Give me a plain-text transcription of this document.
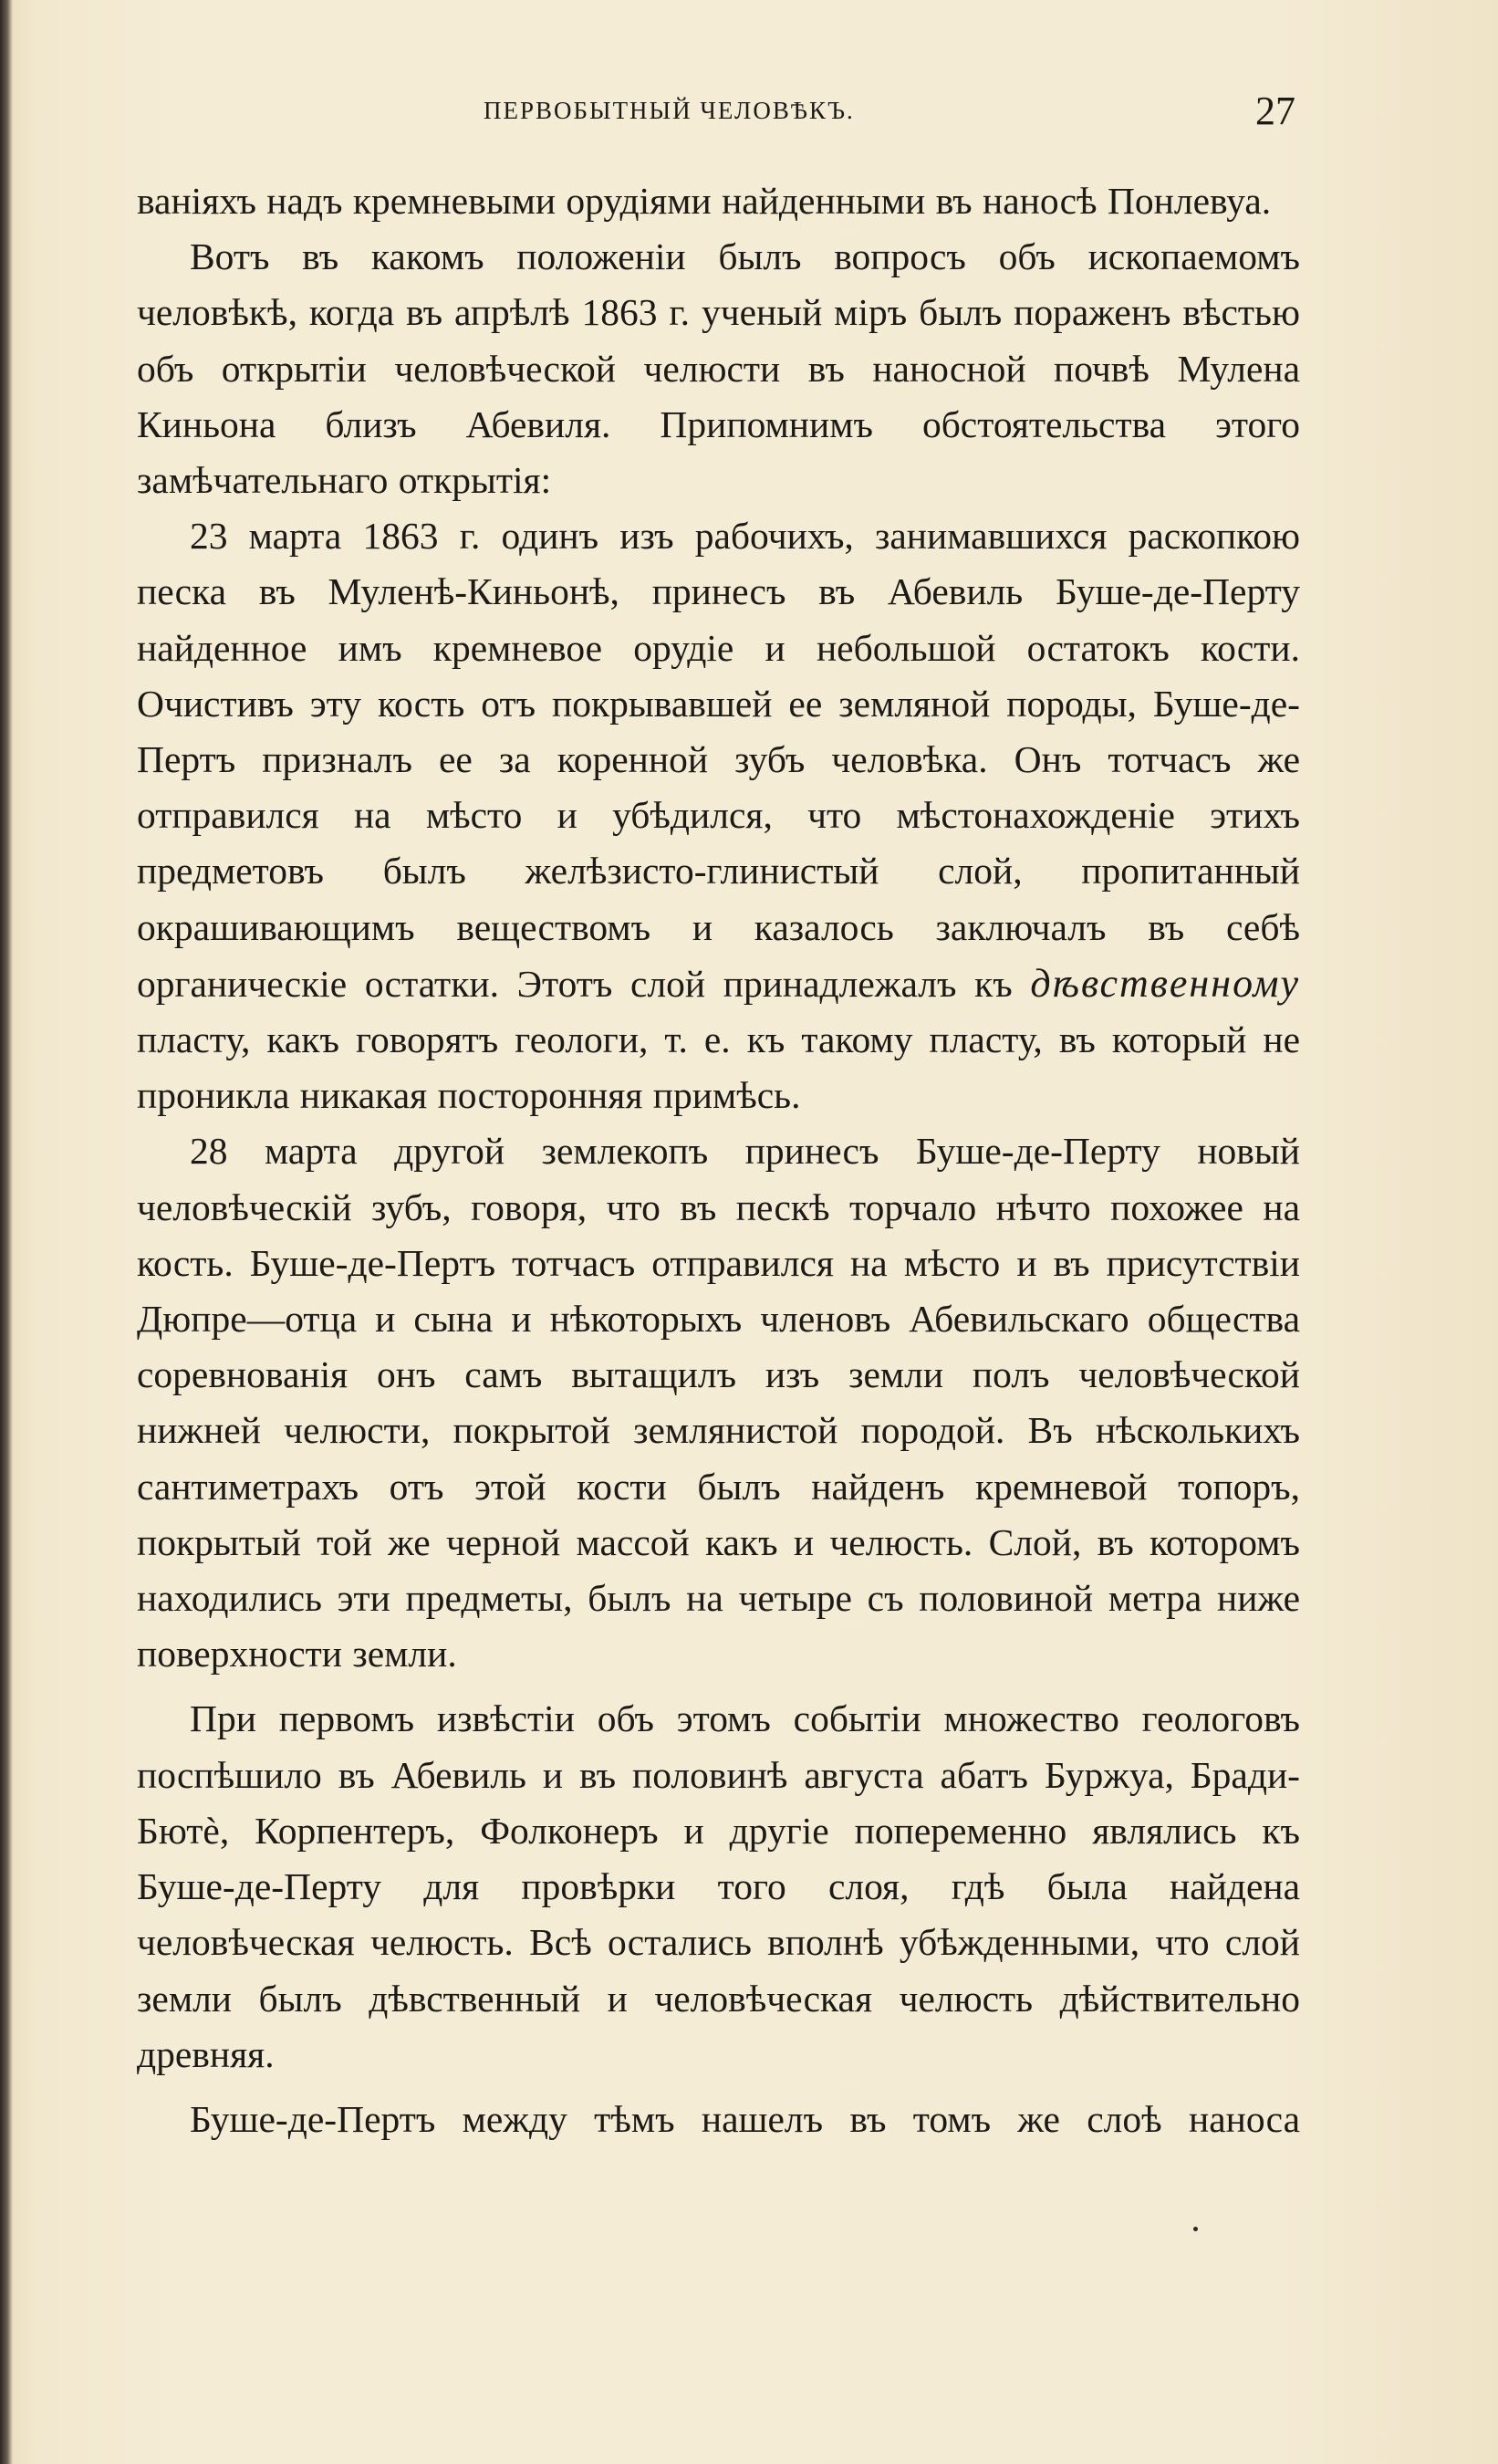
ПЕРВОБЫТНЫЙ ЧЕЛОВѢКЪ.	27

ваніяхъ надъ кремневыми орудіями найденными въ наносѣ Понлевуа.

Вотъ въ какомъ положеніи былъ вопросъ объ ископаемомъ человѣкѣ, когда въ апрѣлѣ 1863 г. ученый міръ былъ пораженъ вѣстью объ открытіи человѣческой челюсти въ наносной почвѣ Мулена Киньона близъ Абевиля. Припомнимъ обстоятельства этого замѣчательнаго открытія:

23 марта 1863 г. одинъ изъ рабочихъ, занимавшихся раскопкою песка въ Муленѣ-Киньонѣ, принесъ въ Абевиль Буше-де-Перту найденное имъ кремневое орудіе и небольшой остатокъ кости. Очистивъ эту кость отъ покрывавшей ее земляной породы, Буше-де-Пертъ призналъ ее за коренной зубъ человѣка. Онъ тотчасъ же отправился на мѣсто и убѣдился, что мѣстонахожденіе этихъ предметовъ былъ желѣзисто-глинистый слой, пропитанный окрашивающимъ веществомъ и казалось заключалъ въ себѣ органическіе остатки. Этотъ слой принадлежалъ къ дѣвственному пласту, какъ говорятъ геологи, т. е. къ такому пласту, въ который не проникла никакая посторонняя примѣсь.

28 марта другой землекопъ принесъ Буше-де-Перту новый человѣческій зубъ, говоря, что въ пескѣ торчало нѣчто похожее на кость. Буше-де-Пертъ тотчасъ отправился на мѣсто и въ присутствіи Дюпре—отца и сына и нѣкоторыхъ членовъ Абевильскаго общества соревнованія онъ самъ вытащилъ изъ земли полъ человѣческой нижней челюсти, покрытой землянистой породой. Въ нѣсколькихъ сантиметрахъ отъ этой кости былъ найденъ кремневой топоръ, покрытый той же черной массой какъ и челюсть. Слой, въ которомъ находились эти предметы, былъ на четыре съ половиной метра ниже поверхности земли.

При первомъ извѣстіи объ этомъ событіи множество геологовъ поспѣшило въ Абевиль и въ половинѣ августа абатъ Буржуа, Бради-Бютѐ, Корпентеръ, Фолконеръ и другіе попеременно являлись къ Буше-де-Перту для провѣрки того слоя, гдѣ была найдена человѣческая челюсть. Всѣ остались вполнѣ убѣжденными, что слой земли былъ дѣвственный и человѣческая челюсть дѣйствительно древняя.

Буше-де-Пертъ между тѣмъ нашелъ въ томъ же слоѣ наноса
